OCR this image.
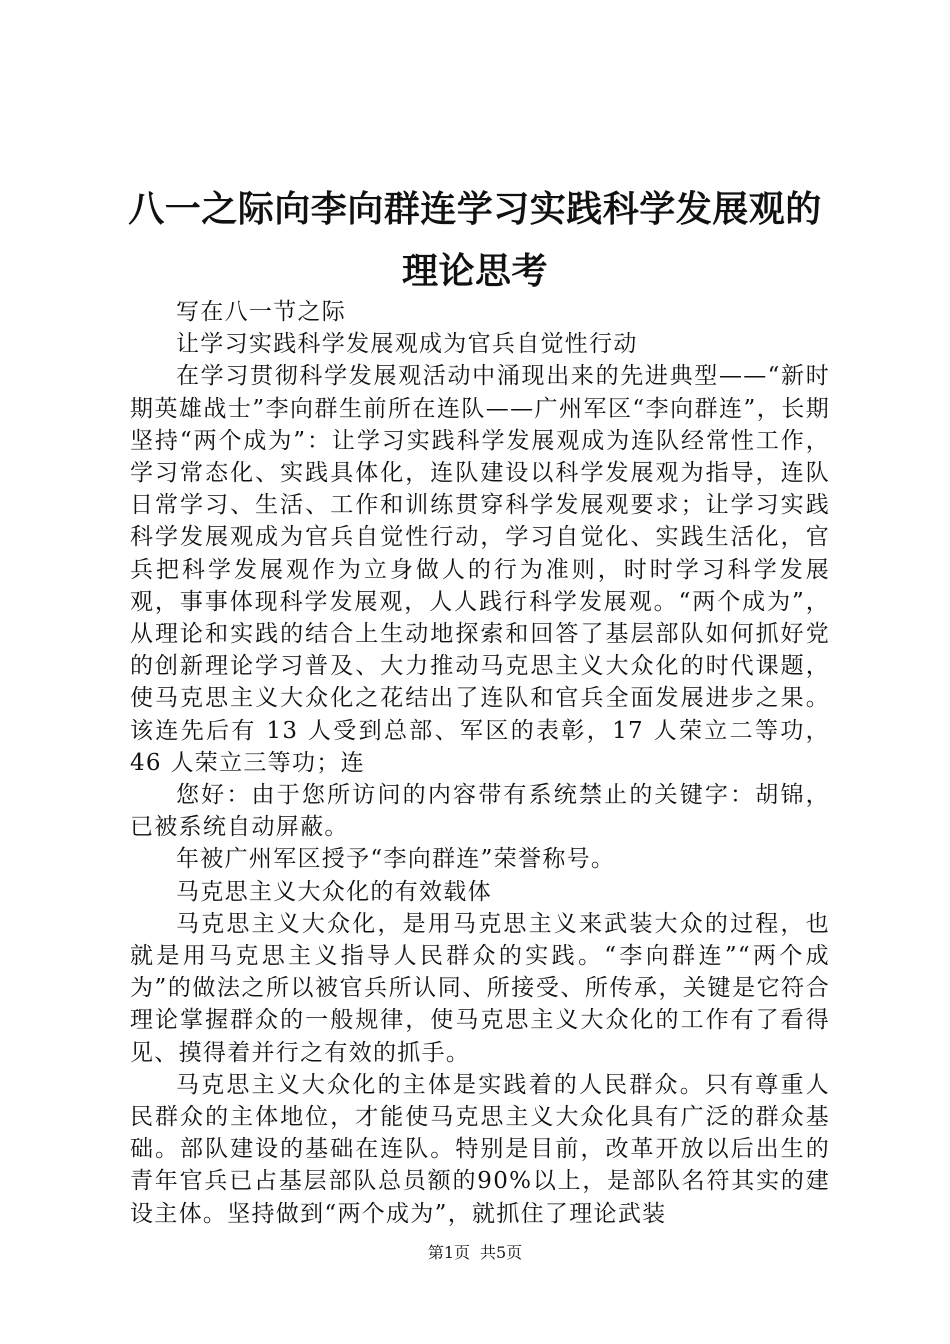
八一之际向李向群连学习实践科学发展观的理论思考

写在八一节之际

让学习实践科学发展观成为官兵自觉性行动

在学习贯彻科学发展观活动中涌现出来的先进典型——“新时期英雄战士”李向群生前所在连队——广州军区“李向群连”，长期坚持“两个成为”：让学习实践科学发展观成为连队经常性工作，学习常态化、实践具体化，连队建设以科学发展观为指导，连队日常学习、生活、工作和训练贯穿科学发展观要求；让学习实践科学发展观成为官兵自觉性行动，学习自觉化、实践生活化，官兵把科学发展观作为立身做人的行为准则，时时学习科学发展观，事事体现科学发展观，人人践行科学发展观。“两个成为”，从理论和实践的结合上生动地探索和回答了基层部队如何抓好党的创新理论学习普及、大力推动马克思主义大众化的时代课题，使马克思主义大众化之花结出了连队和官兵全面发展进步之果。该连先后有 13 人受到总部、军区的表彰，17 人荣立二等功，46 人荣立三等功；连

您好：由于您所访问的内容带有系统禁止的关键字：胡锦，已被系统自动屏蔽。

年被广州军区授予“李向群连”荣誉称号。

马克思主义大众化的有效载体

马克思主义大众化，是用马克思主义来武装大众的过程，也就是用马克思主义指导人民群众的实践。“李向群连”“两个成为”的做法之所以被官兵所认同、所接受、所传承，关键是它符合理论掌握群众的一般规律，使马克思主义大众化的工作有了看得见、摸得着并行之有效的抓手。

马克思主义大众化的主体是实践着的人民群众。只有尊重人民群众的主体地位，才能使马克思主义大众化具有广泛的群众基础。部队建设的基础在连队。特别是目前，改革开放以后出生的青年官兵已占基层部队总员额的90%以上，是部队名符其实的建设主体。坚持做到“两个成为”，就抓住了理论武装

第1页 共5页
